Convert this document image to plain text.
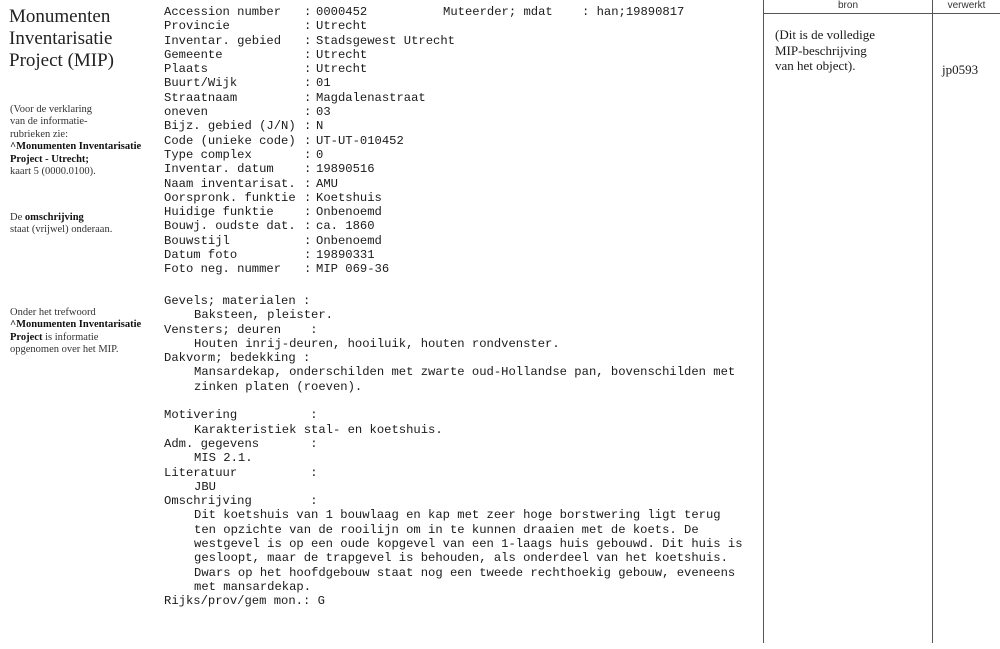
Monumenten
Inventarisatie
Project (MIP)
(Voor de verklaring
van de informatie-
rubrieken zie:
^Monumenten Inventarisatie
Project - Utrecht;
kaart 5 (0000.0100).
De omschrijving
staat (vrijwel) onderaan.
Onder het trefwoord
^Monumenten Inventarisatie
Project is informatie
opgenomen over het MIP.
Muteerder; mdat    : han;19890817
Accession number	: 0000452
Provincie	: Utrecht
Inventar. gebied	: Stadsgewest Utrecht
Gemeente	: Utrecht
Plaats	: Utrecht
Buurt/Wijk	: 01
Straatnaam	: Magdalenastraat
oneven	: 03
Bijz. gebied (J/N) : N
Code (unieke code) : UT-UT-010452
Type complex	: 0
Inventar. datum	: 19890516
Naam inventarisat. : AMU
Oorspronk. funktie : Koetshuis
Huidige funktie	: Onbenoemd
Bouwj. oudste dat. : ca. 1860
Bouwstijl	: Onbenoemd
Datum foto	: 19890331
Foto neg. nummer	: MIP 069-36
Gevels; materialen :
Baksteen, pleister.
Vensters; deuren    :
Houten inrij-deuren, hooiluik, houten rondvenster.
Dakvorm; bedekking :
Mansardekap, onderschilden met zwarte oud-Hollandse pan, bovenschilden met
zinken platen (roeven).
Motivering          :
Karakteristiek stal- en koetshuis.
Adm. gegevens       :
MIS 2.1.
Literatuur          :
JBU
Omschrijving        :
Dit koetshuis van 1 bouwlaag en kap met zeer hoge borstwering ligt terug
ten opzichte van de rooilijn om in te kunnen draaien met de koets. De
westgevel is op een oude kopgevel van een 1-laags huis gebouwd. Dit huis is
gesloopt, maar de trapgevel is behouden, als onderdeel van het koetshuis.
Dwars op het hoofdgebouw staat nog een tweede rechthoekig gebouw, eveneens
met mansardekap.
Rijks/prov/gem mon.: G
bron	verwerkt
(Dit is de volledige
MIP-beschrijving
van het object).	jp0593
